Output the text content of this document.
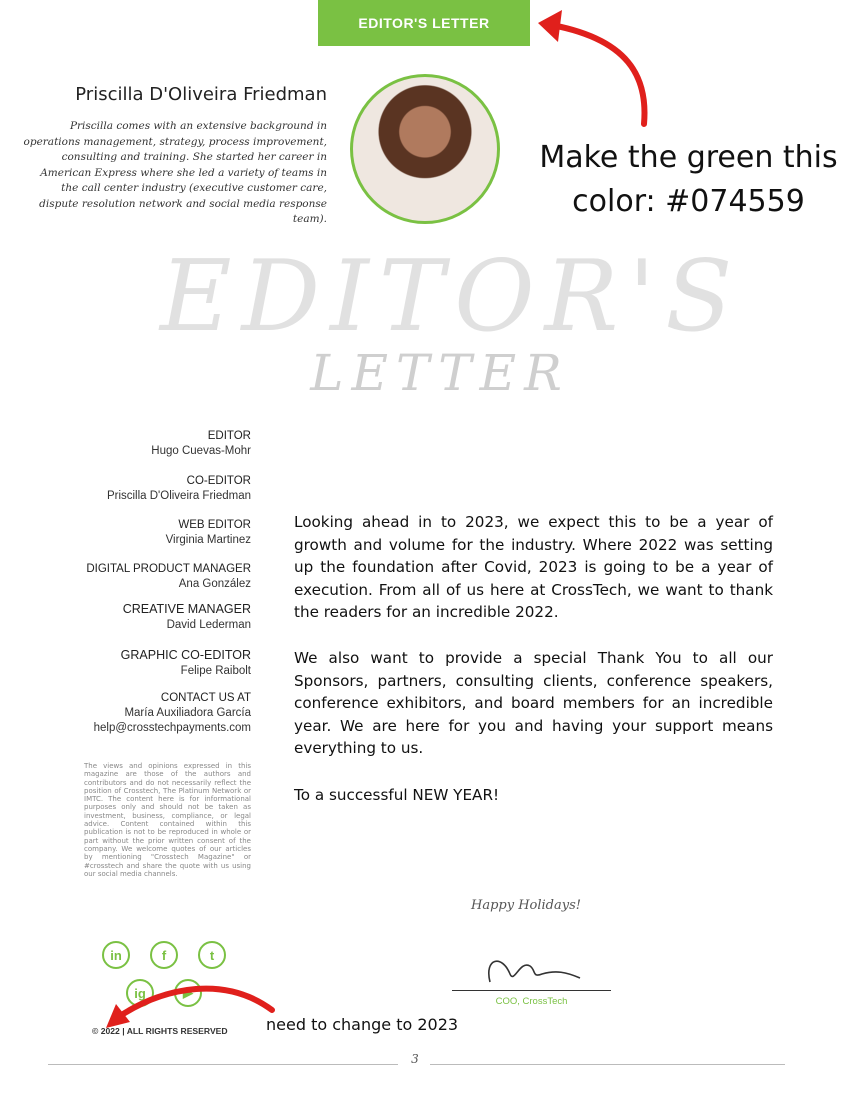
EDITOR'S LETTER
Priscilla D'Oliveira Friedman
Priscilla comes with an extensive background in operations management, strategy, process improvement, consulting and training. She started her career in American Express where she led a variety of teams in the call center industry (executive customer care, dispute resolution network and social media response team).
Make the green this color: #074559
EDITOR'S
LETTER
EDITOR
Hugo Cuevas-Mohr
CO-EDITOR
Priscilla D'Oliveira Friedman
WEB EDITOR
Virginia Martinez
DIGITAL PRODUCT MANAGER
Ana González
CREATIVE MANAGER
David Lederman
GRAPHIC CO-EDITOR
Felipe Raibolt
CONTACT US AT
María Auxiliadora García
help@crosstechpayments.com
The views and opinions expressed in this magazine are those of the authors and contributors and do not necessarily reflect the position of Crosstech, The Platinum Network or IMTC. The content here is for informational purposes only and should not be taken as investment, business, compliance, or legal advice. Content contained within this publication is not to be reproduced in whole or part without the prior written consent of the company. We welcome quotes of our articles by mentioning "Crosstech Magazine" or #crosstech and share the quote with us using our social media channels.
in	f	t
ig	▶
© 2022 | ALL RIGHTS RESERVED need to change to 2023
Looking ahead in to 2023, we expect this to be a year of growth and volume for the industry. Where 2022 was setting up the foundation after Covid, 2023 is going to be a year of execution. From all of us here at CrossTech, we want to thank the readers for an incredible 2022.
We also want to provide a special Thank You to all our Sponsors, partners, consulting clients, conference speakers, conference exhibitors, and board members for an incredible year. We are here for you and having your support means everything to us.
To a successful NEW YEAR!
Happy Holidays!
COO, CrossTech
3
